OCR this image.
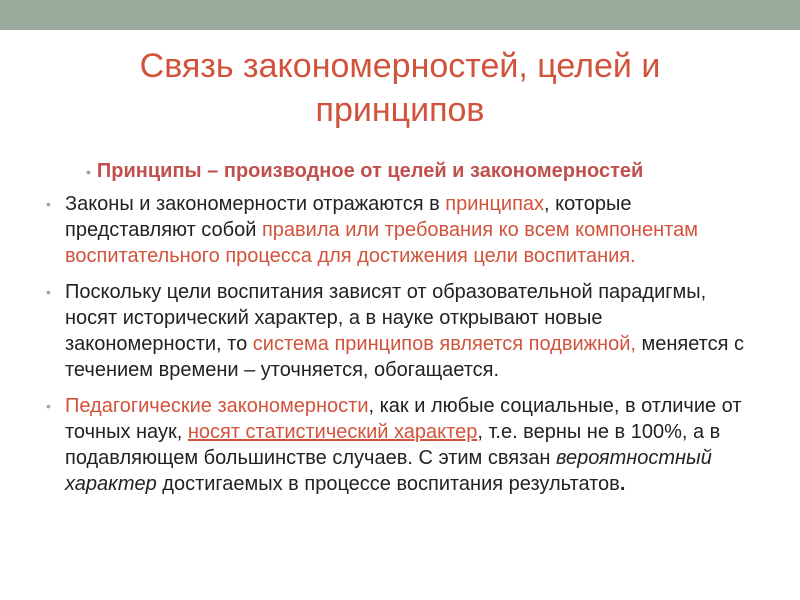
Связь закономерностей, целей и
принципов
• Принципы – производное от целей и закономерностей
• Законы и закономерности отражаются в принципах, которые представляют собой правила или требования ко всем компонентам воспитательного процесса для достижения цели воспитания.
• Поскольку цели воспитания зависят от образовательной парадигмы, носят исторический характер, а в науке открывают новые закономерности, то система принципов является подвижной, меняется с течением времени – уточняется, обогащается.
• Педагогические закономерности, как и любые социальные, в отличие от точных наук, носят статистический характер, т.е. верны не в 100%, а в подавляющем большинстве случаев. С этим связан вероятностный характер достигаемых в процессе воспитания результатов.
